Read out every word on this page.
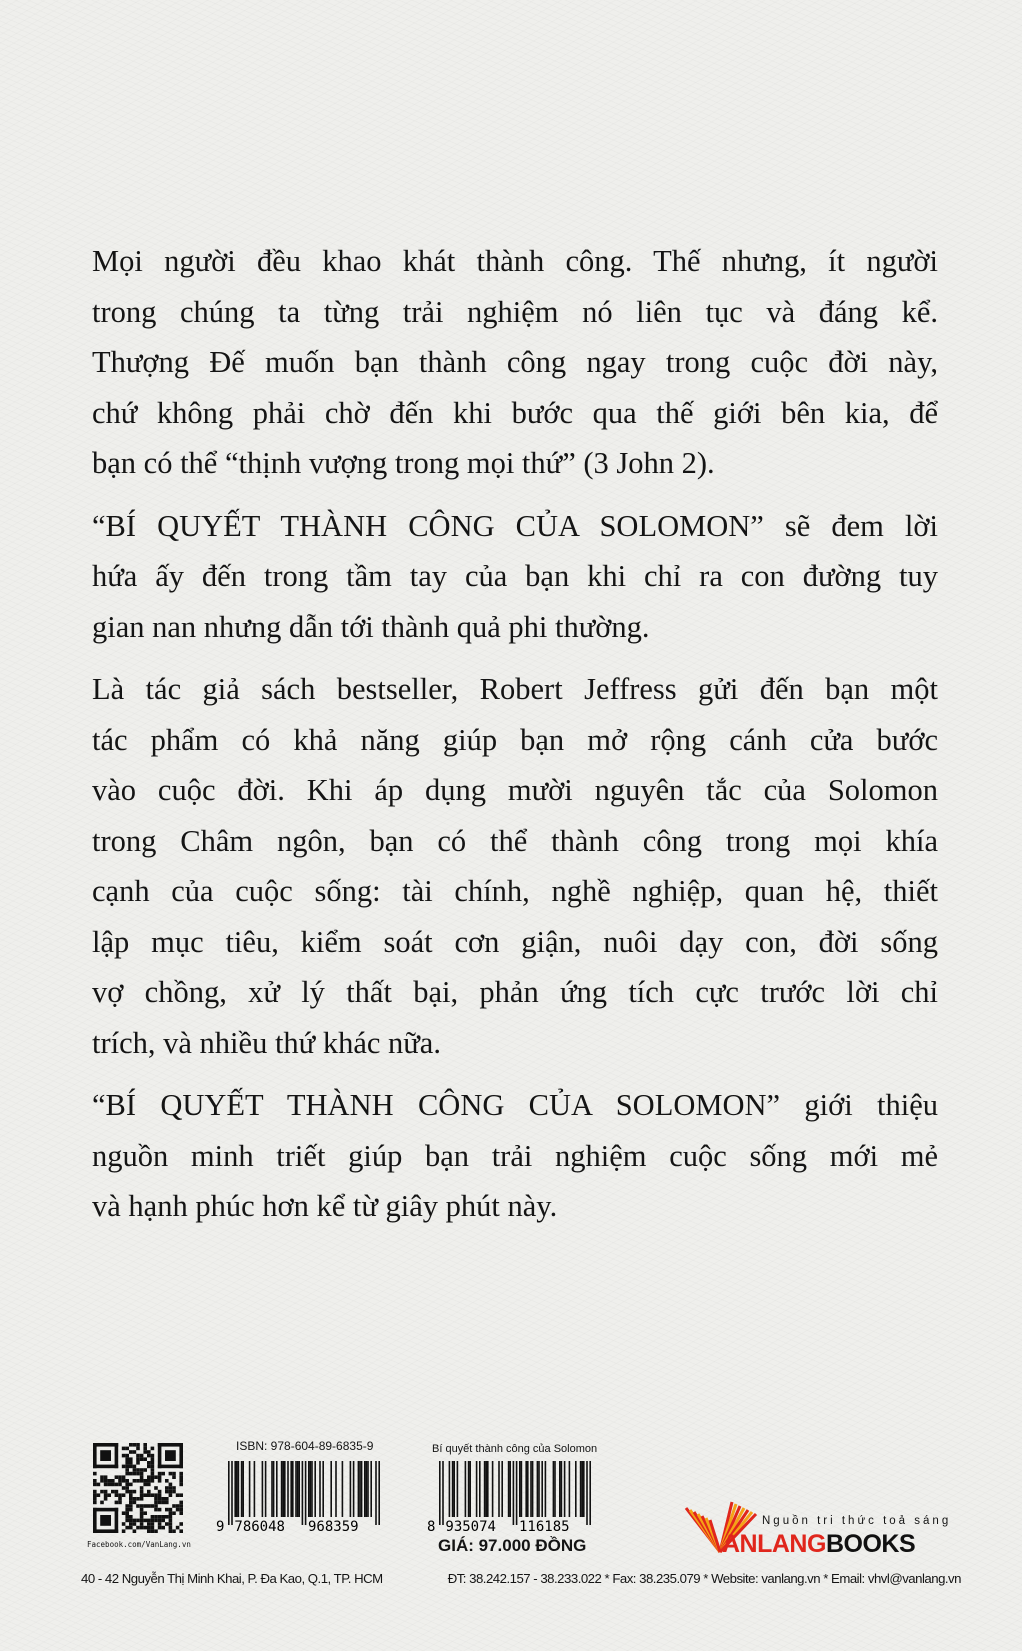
Mọi người đều khao khát thành công. Thế nhưng, ít người
trong chúng ta từng trải nghiệm nó liên tục và đáng kể.
Thượng Đế muốn bạn thành công ngay trong cuộc đời này,
chứ không phải chờ đến khi bước qua thế giới bên kia, để
bạn có thể “thịnh vượng trong mọi thứ” (3 John 2).
“BÍ QUYẾT THÀNH CÔNG CỦA SOLOMON” sẽ đem lời
hứa ấy đến trong tầm tay của bạn khi chỉ ra con đường tuy
gian nan nhưng dẫn tới thành quả phi thường.
Là tác giả sách bestseller, Robert Jeffress gửi đến bạn một
tác phẩm có khả năng giúp bạn mở rộng cánh cửa bước
vào cuộc đời. Khi áp dụng mười nguyên tắc của Solomon
trong Châm ngôn, bạn có thể thành công trong mọi khía
cạnh của cuộc sống: tài chính, nghề nghiệp, quan hệ, thiết
lập mục tiêu, kiểm soát cơn giận, nuôi dạy con, đời sống
vợ chồng, xử lý thất bại, phản ứng tích cực trước lời chỉ
trích, và nhiều thứ khác nữa.
“BÍ QUYẾT THÀNH CÔNG CỦA SOLOMON” giới thiệu
nguồn minh triết giúp bạn trải nghiệm cuộc sống mới mẻ
và hạnh phúc hơn kể từ giây phút này.
Facebook.com/VanLang.vn
ISBN: 978-604-89-6835-9
9 786048 968359
Bí quyết thành công của Solomon
8 935074 116185
GIÁ: 97.000 ĐỒNG
Nguồn tri thức toả sáng
ANLANGBOOKS
40 - 42 Nguyễn Thị Minh Khai, P. Đa Kao, Q.1, TP. HCM	ĐT: 38.242.157 - 38.233.022 * Fax: 38.235.079 * Website: vanlang.vn * Email: vhvl@vanlang.vn
